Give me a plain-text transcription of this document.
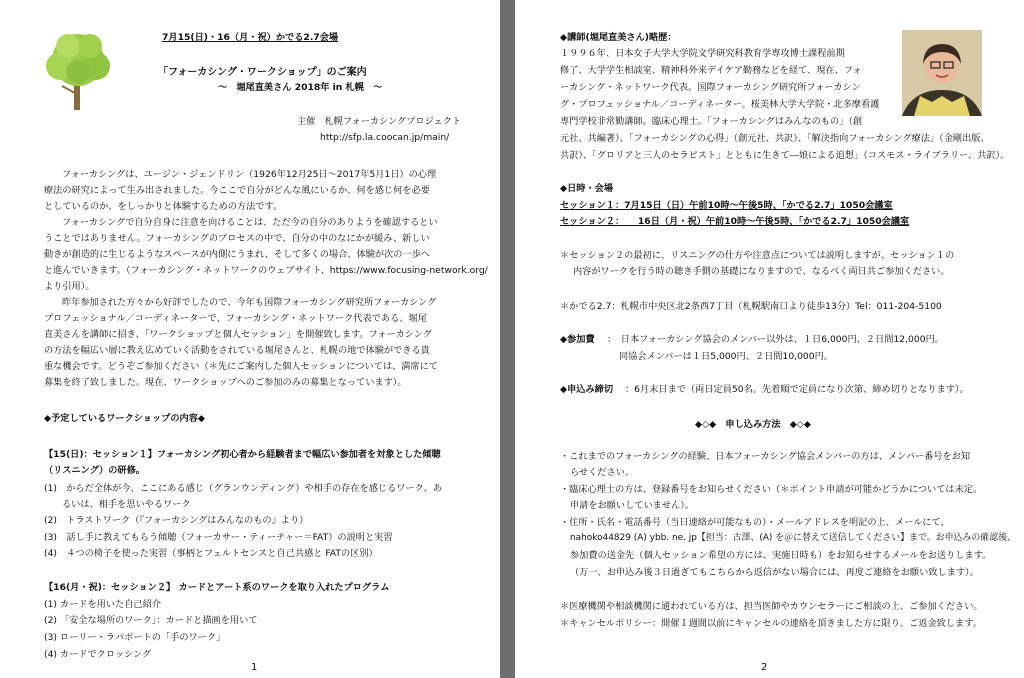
7月15(日)・16（月・祝）かでる2.7会場
「フォーカシング・ワークショップ」のご案内
～　堀尾直美さん 2018年 in 札幌　～
主催　札幌フォーカシングプロジェクト
http://sfp.la.coocan.jp/main/
フォーカシングは、ユージン・ジェンドリン（1926年12月25日～2017年5月1日）の心理
療法の研究によって生み出されました。今ここで自分がどんな風にいるか、何を感じ何を必要
としているのか、をしっかりと体験するための方法です。
フォーカシングで自分自身に注意を向けることは、ただ今の自分のありようを確認するとい
うことではありません。フォーカシングのプロセスの中で、自分の中のなにかが緩み、新しい
動きが創造的に生じるようなスペースが内側にうまれ、そして多くの場合、体験が次の一歩へ
と進んでいきます。（フォーカシング・ネットワークのウェブサイト、https://www.focusing-network.org/
より引用）。
昨年参加された方々から好評でしたので、今年も国際フォーカシング研究所フォーカシング
プロフェッショナル／コーディネーターで、フォーカシング・ネットワーク代表である、堀尾
直美さんを講師に招き、「ワークショップと個人セッション」を開催致します。フォーカシング
の方法を幅広い層に教え広めていく活動をされている堀尾さんと、札幌の地で体験ができる貴
重な機会です。どうぞご参加ください（＊先にご案内した個人セッションについては、満席にて
募集を終了致しました。現在、ワークショップへのご参加のみの募集となっています）。
◆予定しているワークショップの内容◆
【15(日)：セッション１】フォーカシング初心者から経験者まで幅広い参加者を対象とした傾聴
（リスニング）の研修。
(1)　からだ全体が今、ここにある感じ（グランウンディング）や相手の存在を感じるワーク、あ
るいは、相手を思いやるワーク
(2)　トラストワーク（『フォーカシングはみんなのもの』より）
(3)　話し手に教えてもらう傾聴（フォーカサー・ティーチャー＝FAT）の説明と実習
(4)　４つの椅子を使った実習（事柄とフェルトセンスと自己共感と FATの区別）
【16(月・祝)：セッション２】 カードとアート系のワークを取り入れたプログラム
(1) カードを用いた自己紹介
(2) 「安全な場所のワーク」：カードと描画を用いて
(3) ローリー・ラパポートの「手のワーク」
(4) カードでクロッシング
1
◆講師(堀尾直美さん)略歴：
１９９６年、日本女子大学大学院文学研究科教育学専攻博士課程前期
修了、大学学生相談室、精神科外来デイケア勤務などを経て、現在、フォ
ーカシング・ネットワーク代表。国際フォーカシング研究所フォーカシン
グ・プロフェッショナル／コーディネーター。桜美林大学大学院・北多摩看護
専門学校非常勤講師。臨床心理士。「フォーカシングはみんなのもの」（創
元社、共編著）、「フォーカシングの心得」（創元社、共訳）、「解決指向フォーカシング療法」（金剛出版、
共訳）、「グロリアと三人のセラピスト」とともに生きて―娘による追想」（コスモス・ライブラリー、共訳）。
◆日時・会場
セッション１：7月15日（日）午前10時～午後5時、「かでる2.7」1050会議室
セッション２：　　16日（月・祝）午前10時～午後5時、「かでる2.7」1050会議室
＊セッション２の最初に、リスニングの仕方や注意点については説明しますが、セッション１の
内容がワークを行う時の聴き手側の基礎になりますので、なるべく両日共ご参加ください。
＊かでる2.7：札幌市中央区北2条西7丁目（札幌駅南口より徒歩13分）Tel：011-204-5100
◆参加費 ：　日本フォーカシング協会のメンバー以外は、１日6,000円、２日間12,000円。
同協会メンバーは１日5,000円、２日間10,000円。
◆申込み締切 ：6月末日まで（両日定員50名。先着順で定員になり次第、締め切りとなります）。
◆◇◆　申し込み方法　◆◇◆
・これまでのフォーカシングの経験、日本フォーカシング協会メンバーの方は、メンバー番号をお知
らせください。
・臨床心理士の方は、登録番号をお知らせください（＊ポイント申請が可能かどうかについては未定。
申請をお願いしていません）。
・住所・氏名・電話番号（当日連絡が可能なもの）・メールアドレスを明記の上、メールにて、
nahoko44829 (A) ybb. ne. jp【担当：古澤、(A) を＠に替えて送信してください】まで。お申込みの確認後、
参加費の送金先（個人セッション希望の方には、実施日時も）をお知らせするメールをお送りします。
（万一、お申込み後３日過ぎてもこちらから返信がない場合には、再度ご連絡をお願い致します）。
＊医療機関や相談機関に通われている方は、担当医師やカウンセラーにご相談の上、ご参加ください。
＊キャンセルポリシー：開催１週間以前にキャンセルの連絡を頂きました方に限り、ご返金致します。
2
